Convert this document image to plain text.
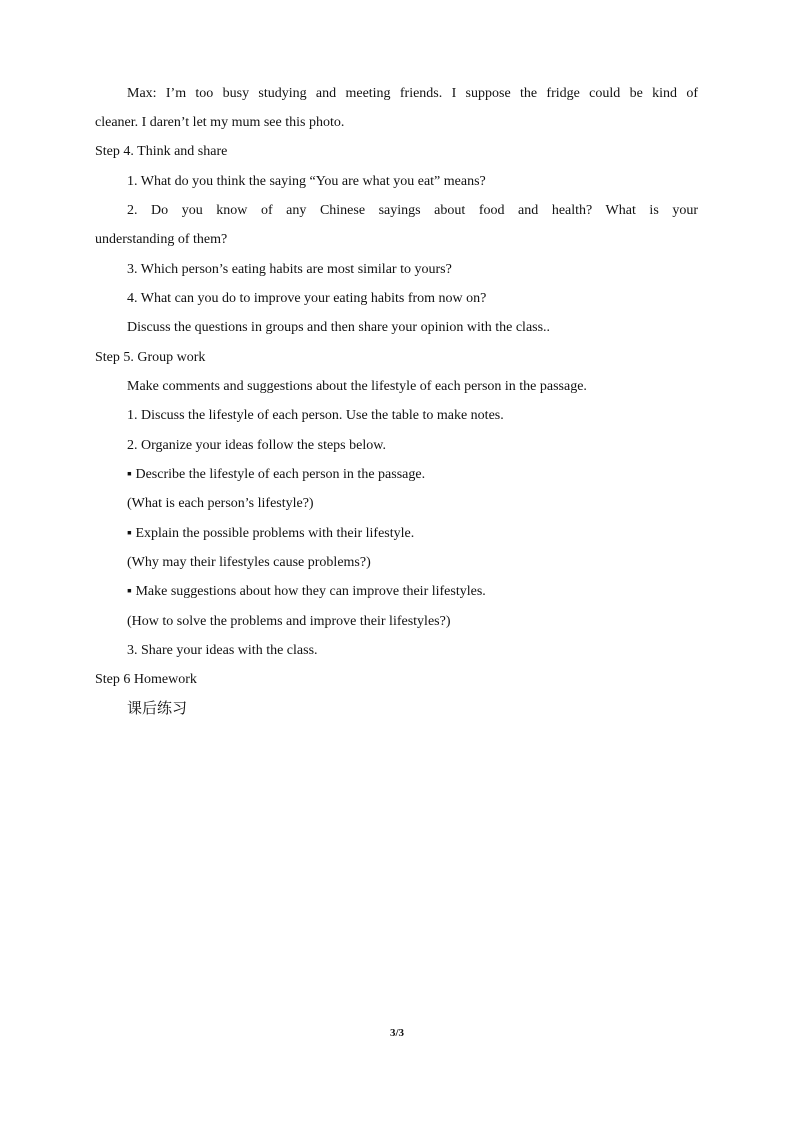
Max: I’m too busy studying and meeting friends. I suppose the fridge could be kind of
cleaner. I daren’t let my mum see this photo.
Step 4. Think and share
1. What do you think the saying “You are what you eat” means?
2. Do you know of any Chinese sayings about food and health? What is your
understanding of them?
3. Which person’s eating habits are most similar to yours?
4. What can you do to improve your eating habits from now on?
Discuss the questions in groups and then share your opinion with the class..
Step 5. Group work
Make comments and suggestions about the lifestyle of each person in the passage.
1. Discuss the lifestyle of each person. Use the table to make notes.
2. Organize your ideas follow the steps below.
▪ Describe the lifestyle of each person in the passage.
(What is each person’s lifestyle?)
▪ Explain the possible problems with their lifestyle.
(Why may their lifestyles cause problems?)
▪ Make suggestions about how they can improve their lifestyles.
(How to solve the problems and improve their lifestyles?)
3. Share your ideas with the class.
Step 6 Homework
课后练习
3/3
